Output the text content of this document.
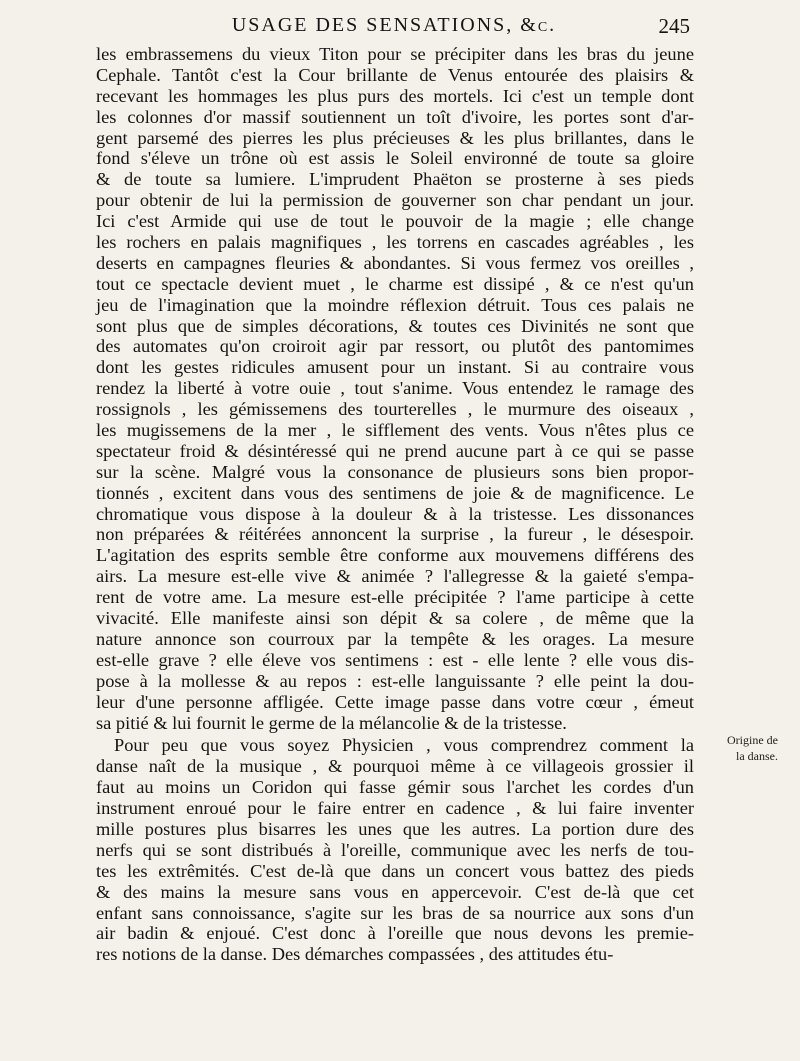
USAGE DES SENSATIONS, &c.	245
les embrassemens du vieux Titon pour se précipiter dans les bras du jeune
Cephale. Tantôt c'est la Cour brillante de Venus entourée des plaisirs &
recevant les hommages les plus purs des mortels. Ici c'est un temple dont
les colonnes d'or massif soutiennent un toît d'ivoire, les portes sont d'ar-
gent parsemé des pierres les plus précieuses & les plus brillantes, dans le
fond s'éleve un trône où est assis le Soleil environné de toute sa gloire
& de toute sa lumiere. L'imprudent Phaëton se prosterne à ses pieds
pour obtenir de lui la permission de gouverner son char pendant un jour.
Ici c'est Armide qui use de tout le pouvoir de la magie ; elle change
les rochers en palais magnifiques , les torrens en cascades agréables , les
deserts en campagnes fleuries & abondantes. Si vous fermez vos oreilles ,
tout ce spectacle devient muet , le charme est dissipé , & ce n'est qu'un
jeu de l'imagination que la moindre réflexion détruit. Tous ces palais ne
sont plus que de simples décorations, & toutes ces Divinités ne sont que
des automates qu'on croiroit agir par ressort, ou plutôt des pantomimes
dont les gestes ridicules amusent pour un instant. Si au contraire vous
rendez la liberté à votre ouie , tout s'anime. Vous entendez le ramage des
rossignols , les gémissemens des tourterelles , le murmure des oiseaux ,
les mugissemens de la mer , le sifflement des vents. Vous n'êtes plus ce
spectateur froid & désintéressé qui ne prend aucune part à ce qui se passe
sur la scène. Malgré vous la consonance de plusieurs sons bien propor-
tionnés , excitent dans vous des sentimens de joie & de magnificence. Le
chromatique vous dispose à la douleur & à la tristesse. Les dissonances
non préparées & réitérées annoncent la surprise , la fureur , le désespoir.
L'agitation des esprits semble être conforme aux mouvemens différens des
airs. La mesure est-elle vive & animée ? l'allegresse & la gaieté s'empa-
rent de votre ame. La mesure est-elle précipitée ? l'ame participe à cette
vivacité. Elle manifeste ainsi son dépit & sa colere , de même que la
nature annonce son courroux par la tempête & les orages. La mesure
est-elle grave ? elle éleve vos sentimens : est - elle lente ? elle vous dis-
pose à la mollesse & au repos : est-elle languissante ? elle peint la dou-
leur d'une personne affligée. Cette image passe dans votre cœur , émeut
sa pitié & lui fournit le germe de la mélancolie & de la tristesse.
Pour peu que vous soyez Physicien , vous comprendrez comment la
danse naît de la musique , & pourquoi même à ce villageois grossier il
faut au moins un Coridon qui fasse gémir sous l'archet les cordes d'un
instrument enroué pour le faire entrer en cadence , & lui faire inventer
mille postures plus bisarres les unes que les autres. La portion dure des
nerfs qui se sont distribués à l'oreille, communique avec les nerfs de tou-
tes les extrêmités. C'est de-là que dans un concert vous battez des pieds
& des mains la mesure sans vous en appercevoir. C'est de-là que cet
enfant sans connoissance, s'agite sur les bras de sa nourrice aux sons d'un
air badin & enjoué. C'est donc à l'oreille que nous devons les premie-
res notions de la danse. Des démarches compassées , des attitudes étu-
Origine de
la danse.
